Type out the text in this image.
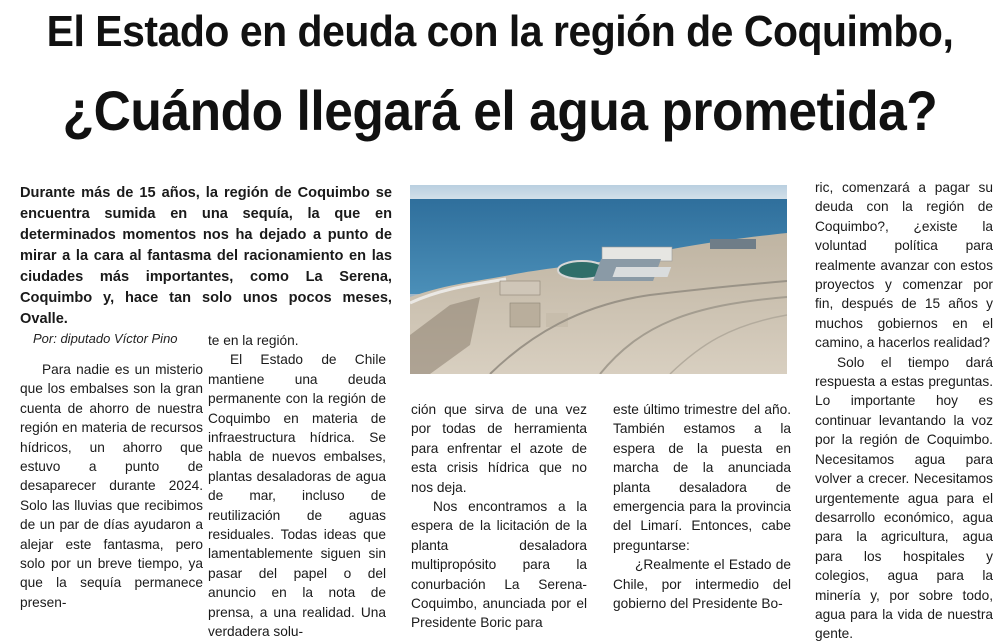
El Estado en deuda con la región de Coquimbo,
¿Cuándo llegará el agua prometida?
Durante más de 15 años, la región de Coquimbo se encuentra sumida en una sequía, la que en determinados momentos nos ha dejado a punto de mirar a la cara al fantasma del racionamiento en las ciudades más importantes, como La Serena, Coquimbo y, hace tan solo unos pocos meses, Ovalle.
Por: diputado Víctor Pino

Para nadie es un misterio que los embalses son la gran cuenta de ahorro de nuestra región en materia de recursos hídricos, un ahorro que estuvo a punto de desaparecer durante 2024. Solo las lluvias que recibimos de un par de días ayudaron a alejar este fantasma, pero solo por un breve tiempo, ya que la sequía permanece presen-

te en la región.

El Estado de Chile mantiene una deuda permanente con la región de Coquimbo en materia de infraestructura hídrica. Se habla de nuevos embalses, plantas desaladoras de agua de mar, incluso de reutilización de aguas residuales. Todas ideas que lamentablemente siguen sin pasar del papel o del anuncio en la nota de prensa, a una realidad. Una verdadera solu-

ción que sirva de una vez por todas de herramienta para enfrentar el azote de esta crisis hídrica que no nos deja.

Nos encontramos a la espera de la licitación de la planta desaladora multipropósito para la conurbación La Serena-Coquimbo, anunciada por el Presidente Boric para

este último trimestre del año. También estamos a la espera de la puesta en marcha de la anunciada planta desaladora de emergencia para la provincia del Limarí. Entonces, cabe preguntarse:

¿Realmente el Estado de Chile, por intermedio del gobierno del Presidente Bo-

ric, comenzará a pagar su deuda con la región de Coquimbo?, ¿existe la voluntad política para realmente avanzar con estos proyectos y comenzar por fin, después de 15 años y muchos gobiernos en el camino, a hacerlos realidad?

Solo el tiempo dará respuesta a estas preguntas. Lo importante hoy es continuar levantando la voz por la región de Coquimbo. Necesitamos agua para volver a crecer. Necesitamos urgentemente agua para el desarrollo económico, agua para la agricultura, agua para los hospitales y colegios, agua para la minería y, por sobre todo, agua para la vida de nuestra gente.
